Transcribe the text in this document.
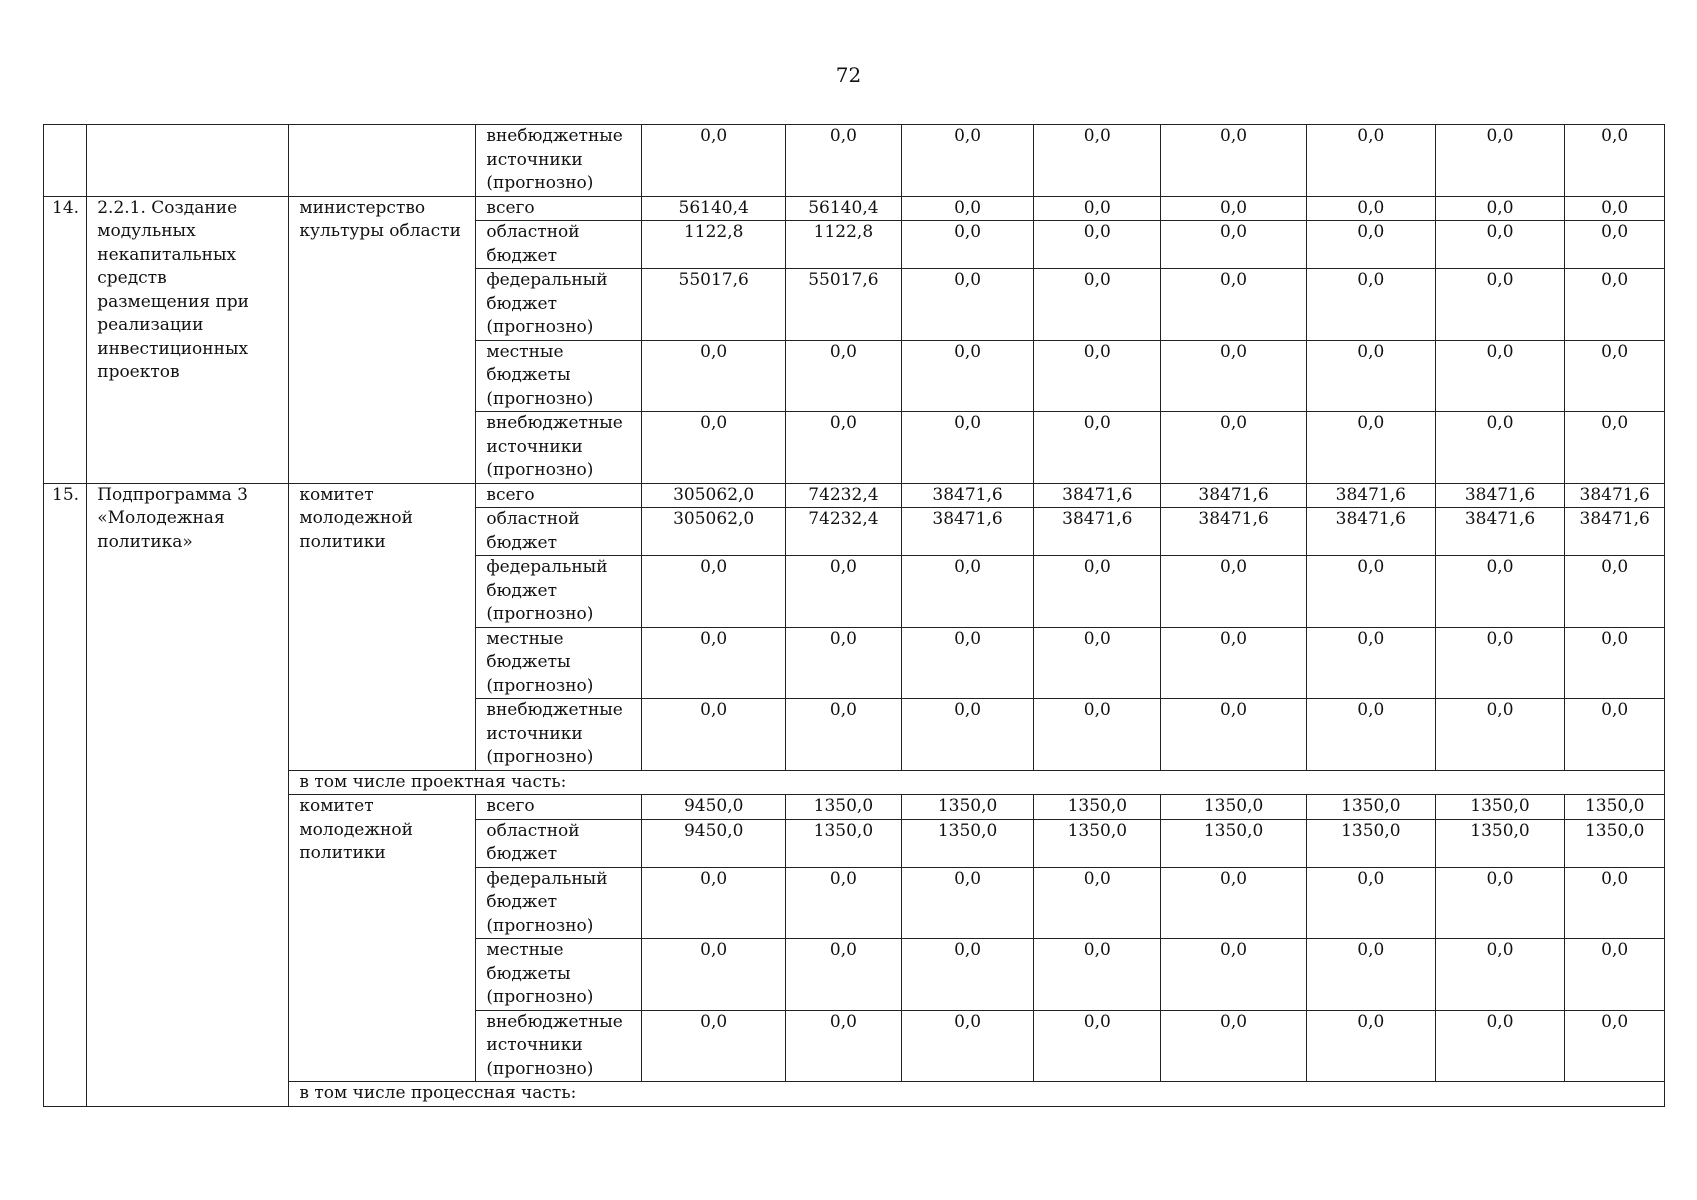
72
			внебюджетные источники (прогнозно)	0,0	0,0	0,0	0,0	0,0	0,0	0,0	0,0
14.	2.2.1. Создание модульных некапитальных средств размещения при реализации инвестиционных проектов	министерство культуры области	всего	56140,4	56140,4	0,0	0,0	0,0	0,0	0,0	0,0
			областной бюджет	1122,8	1122,8	0,0	0,0	0,0	0,0	0,0	0,0
			федеральный бюджет (прогнозно)	55017,6	55017,6	0,0	0,0	0,0	0,0	0,0	0,0
			местные бюджеты (прогнозно)	0,0	0,0	0,0	0,0	0,0	0,0	0,0	0,0
			внебюджетные источники (прогнозно)	0,0	0,0	0,0	0,0	0,0	0,0	0,0	0,0
15.	Подпрограмма 3 «Молодежная политика»	комитет молодежной политики	всего	305062,0	74232,4	38471,6	38471,6	38471,6	38471,6	38471,6	38471,6
			областной бюджет	305062,0	74232,4	38471,6	38471,6	38471,6	38471,6	38471,6	38471,6
			федеральный бюджет (прогнозно)	0,0	0,0	0,0	0,0	0,0	0,0	0,0	0,0
			местные бюджеты (прогнозно)	0,0	0,0	0,0	0,0	0,0	0,0	0,0	0,0
			внебюджетные источники (прогнозно)	0,0	0,0	0,0	0,0	0,0	0,0	0,0	0,0
		в том числе проектная часть:									
		комитет молодежной политики	всего	9450,0	1350,0	1350,0	1350,0	1350,0	1350,0	1350,0	1350,0
			областной бюджет	9450,0	1350,0	1350,0	1350,0	1350,0	1350,0	1350,0	1350,0
			федеральный бюджет (прогнозно)	0,0	0,0	0,0	0,0	0,0	0,0	0,0	0,0
			местные бюджеты (прогнозно)	0,0	0,0	0,0	0,0	0,0	0,0	0,0	0,0
			внебюджетные источники (прогнозно)	0,0	0,0	0,0	0,0	0,0	0,0	0,0	0,0
		в том числе процессная часть:									
